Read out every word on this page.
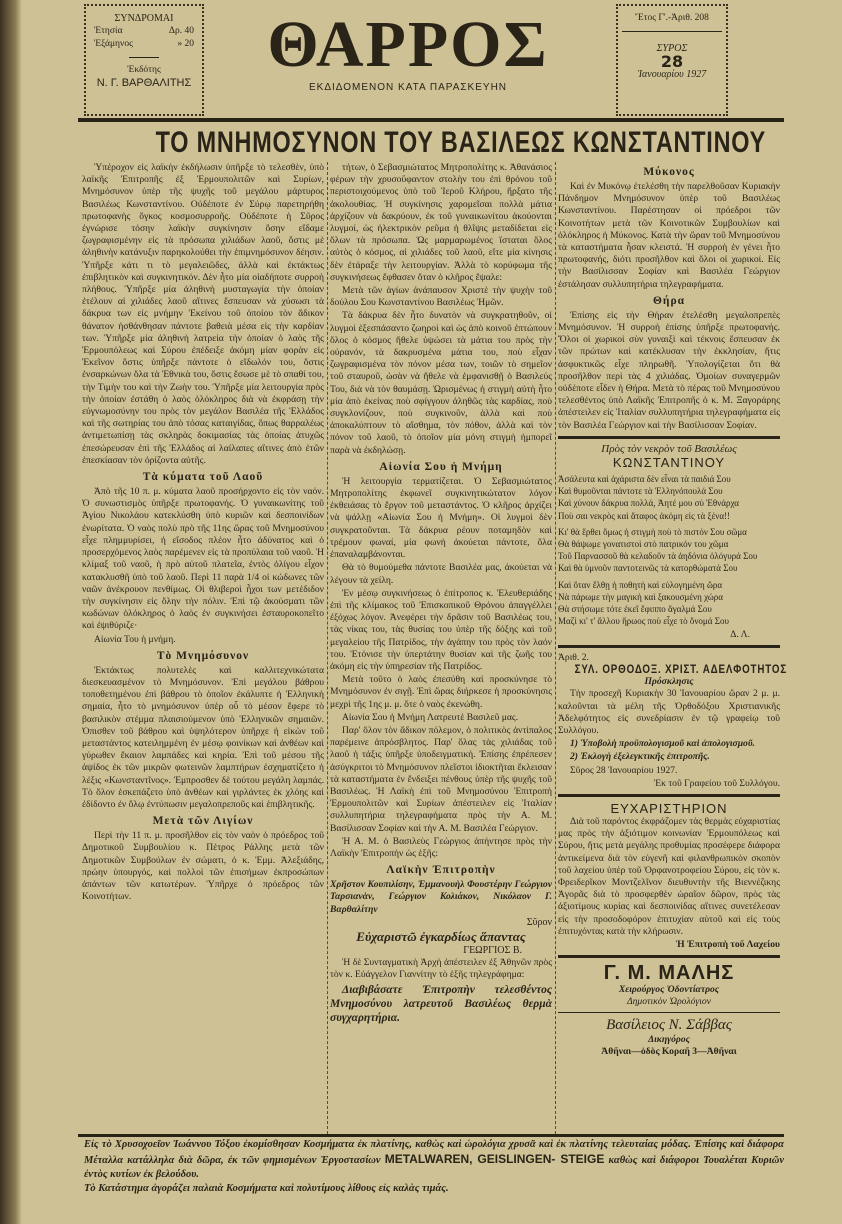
ΣΥΝΔΡΟΜΑΙ
Ἐτησία	Δρ. 40
Ἑξάμηνος	» 20
Ἐκδότης
Ν. Γ. ΒΑΡΘΑΛΙΤΗΣ
ΘΑΡΡΟΣ
ΕΚΔΙΔΟΜΕΝΟΝ ΚΑΤΑ ΠΑΡΑΣΚΕΥΗΝ
Ἔτος Γ'.-Ἀριθ. 208
ΣΥΡΟΣ
28
Ἰανουαρίου 1927
ΤΟ ΜΝΗΜΟΣΥΝΟΝ ΤΟΥ ΒΑΣΙΛΕΩΣ ΚΩΝΣΤΑΝΤΙΝΟΥ

Ὑπέροχον εἰς λαϊκὴν ἐκδήλωσιν ὑπῆρξε τὸ τελεσθὲν, ὑπὸ λαϊκῆς Ἐπιτροπῆς ἐξ Ἑρμουπολιτῶν καὶ Συρίων, Μνημόσυνον ὑπὲρ τῆς ψυχῆς τοῦ μεγάλου μάρτυρος Βασιλέως Κωνσταντίνου. Οὐδέποτε ἐν Σύρῳ παρετηρήθη πρωτοφανὴς ὄγκος κοσμοσυρροῆς. Οὐδέποτε ἡ Σῦρος ἐγνώρισε τόσην λαϊκὴν συγκίνησιν ὅσην εἴδαμε ζωγραφισμένην εἰς τὰ πρόσωπα χιλιάδων λαοῦ, ὅστις μὲ ἀληθινὴν κατάνυξιν παρηκολούθει τὴν ἐπιμνημόσυνον δέησιν. Ὑπῆρξε κάτι τι τὸ μεγαλειῶδες, ἀλλὰ καὶ ἐκτάκτως ἐπιβλητικὸν καὶ συγκινητικόν. Δὲν ἦτο μία οἱαδήποτε συρροὴ πλήθους. Ὑπῆρξε μία ἀληθινὴ μυσταγωγία τὴν ὁποίαν ἐτέλουν αἱ χιλιάδες λαοῦ αἵτινες ἔσπευσαν νὰ χύσωσι τὰ δάκρυα των εἰς μνήμην Ἐκείνου τοῦ ὁποίου τὸν ἄδικον θάνατον ἠσθάνθησαν πάντοτε βαθειὰ μέσα εἰς τὴν καρδίαν των. Ὑπῆρξε μία ἀληθινὴ λατρεία τὴν ὁποίαν ὁ λαὸς τῆς Ἑρμουπόλεως καὶ Σύρου ἐπέδειξε ἀκόμη μίαν φορὰν εἰς Ἐκεῖνον ὅστις ὑπῆρξε πάντοτε ὁ εἴδωλόν του, ὅστις ἐνσαρκώνων ὅλα τὰ Ἐθνικὰ του, ὅστις ἔσωσε μὲ τὸ σπαθί του, τὴν Τιμὴν του καὶ τὴν Ζωὴν του. Ὑπῆρξε μία λειτουργία πρὸς τὴν ὁποίαν ἐστάθη ὁ λαὸς ὁλόκληρος διὰ νὰ ἐκφράσῃ τὴν εὐγνωμοσύνην του πρὸς τὸν μεγάλον Βασιλέα τῆς Ἑλλάδος καὶ τῆς σωτηρίας του ἀπὸ τόσας καταιγίδας, ὅπως θαρραλέως ἀντιμετωπίσῃ τὰς σκληρὰς δοκιμασίας τὰς ὁποίας ἀτυχῶς ἐπεσώρευσαν ἐπὶ τῆς Ἑλλάδος αἱ λαίλαπες αἵτινες ἀπὸ ἐτῶν ἐπεσκίασαν τὸν ὁρίζοντα αὐτῆς.

Τὰ κύματα τοῦ Λαοῦ

Ἀπὸ τῆς 10 π. μ. κύματα λαοῦ προσήρχοντο εἰς τὸν ναόν. Ὁ συνωστισμὸς ὑπῆρξε πρωτοφανής. Ὁ γυναικωνίτης τοῦ Ἁγίου Νικολάου κατεκλύσθη ὑπὸ κυριῶν καὶ δεσποινίδων ἐνωρίτατα. Ὁ ναὸς πολὺ πρὸ τῆς 11ης ὥρας τοῦ Μνημοσύνου εἶχε πλημμυρίσει, ἡ εἴσοδος πλέον ἦτο ἀδύνατος καὶ ὁ προσερχόμενος λαὸς παρέμενεν εἰς τὰ προπύλαια τοῦ ναοῦ. Ἡ κλίμαξ τοῦ ναοῦ, ἡ πρὸ αὐτοῦ πλατεῖα, ἐντὸς ὀλίγου εἶχον κατακλυσθῆ ὑπὸ τοῦ λαοῦ. Περὶ 11 παρὰ 1/4 οἱ κώδωνες τῶν ναῶν ἀνέκρουον πενθίμως. Οἱ θλιβεροὶ ἦχοι των μετέδιδον τὴν συγκίνησιν εἰς ὅλην τὴν πόλιν. Ἐπὶ τῷ ἀκούσματι τῶν κωδώνων ὁλόκληρος ὁ λαὸς ἐν συγκινήσει ἐσταυροκοπεῖτο καὶ ἐψιθύριζε·

Αἰωνία Του ἡ μνήμη.

Τὸ Μνημόσυνον

Ἐκτάκτως πολυτελὲς καὶ καλλιτεχνικώτατα διεσκευασμένον τὸ Μνημόσυνον. Ἐπὶ μεγάλου βάθρου τοποθετημένου ἐπὶ βάθρου τὸ ὁποῖον ἐκάλυπτε ἡ Ἑλληνικὴ σημαία, ἦτο τὸ μνημόσυνον ὑπὲρ οὗ τὸ μέσον ἔφερε τὸ βασιλικὸν στέμμα πλαισιούμενον ὑπὸ Ἑλληνικῶν σημαιῶν. Ὁπισθεν τοῦ βάθρου καὶ ὑψηλότερον ὑπῆρχε ἡ εἰκὼν τοῦ μεταστάντος κατειλημμένη ἐν μέσῳ φοινίκων καὶ ἀνθέων καὶ γύρωθεν ἔκαιον λαμπάδες καὶ κηρία. Ἐπὶ τοῦ μέσου τῆς ἀψίδος ἐκ τῶν μικρῶν φωτεινῶν λαμπτήρων ἐσχηματίζετο ἡ λέξις «Κωνσταντῖνος». Ἐμπροσθεν δὲ τούτου μεγάλη λαμπάς. Τὸ ὅλον ἐσκεπάζετο ὑπὸ ἀνθέων καὶ γιρλάντες ἐκ χλόης καὶ ἐδίδοντο ἐν ὅλῳ ἐντύπωσιν μεγαλοπρεποῦς καὶ ἐπιβλητικῆς.

Μετὰ τῶν Λιγίων

Περὶ τὴν 11 π. μ. προσῆλθον εἰς τὸν ναὸν ὁ πρόεδρος τοῦ Δημοτικοῦ Συμβουλίου κ. Πέτρος Ράλλης μετὰ τῶν Δημοτικῶν Συμβούλων ἐν σώματι, ὁ κ. Ἐμμ. Ἀλεξιάδης, πρώην ὑπουργός, καὶ πολλοὶ τῶν ἐπισήμων ἐκπροσώπων ἀπάντων τῶν κατωτέρων. Ὑπῆρχε ὁ πρόεδρος τῶν Κοινοτήτων.

τήτων, ὁ Σεβασμιώτατος Μητροπολίτης κ. Ἀθανάσιος φέρων τὴν χρυσοΰφαντον στολὴν του ἐπὶ θρόνου τοῦ περιστοιχούμενος ὑπὸ τοῦ Ἱεροῦ Κλήρου, ἤρξατο τῆς ἀκολουθίας. Ἡ συγκίνησις χαρομεῖσαι πολλὰ μάτια ἀρχίζουν νὰ δακρύουν, ἐκ τοῦ γυναικωνίτου ἀκούονται λυγμοί, ὡς ἠλεκτρικὸν ρεῦμα ἡ θλῖψις μεταδίδεται εἰς ὅλων τὰ πρόσωπα. Ὡς μαρμαρωμένος ἵσταται ὅλος αὐτὸς ὁ κόσμος, αἱ χιλιάδες τοῦ λαοῦ, εἴτε μία κίνησις δὲν ἐτάραξε τὴν λειτουργίαν. Ἀλλὰ τὸ κορύφωμα τῆς συγκινήσεως ἔφθασεν ὅταν ὁ κλῆρος ἔψαλε:

Μετὰ τῶν ἁγίων ἀνάπαυσον Χριστὲ τὴν ψυχὴν τοῦ δούλου Σου Κωνσταντίνου Βασιλέως Ἡμῶν.

Τὰ δάκρυα δὲν ἦτο δυνατὸν νὰ συγκρατηθοῦν, οἱ λυγμοὶ ἐξεσπάσαντο ζωηροὶ καὶ ὡς ἀπὸ κοινοῦ ἐπτώπουν ὅλος ὁ κόσμος ἤθελε ὑψώσει τὰ μάτια του πρὸς τὴν οὐρανόν, τὰ δακρυσμένα μάτια του, ποὺ εἶχαν ζωγραφισμένα τὸν πόνον μέσα των, τοιῶν τὸ σημεῖον τοῦ σταυροῦ, ὡσὰν νὰ ἤθελε νὰ ἐμφανισθῇ ὁ Βασιλεύς Του, διὰ νὰ τὸν θαυμάσῃ. Ὡρισμένως ἡ στιγμὴ αὐτὴ ἦτο μία ἀπὸ ἐκείνας ποὺ σφίγγουν ἀληθῶς τὰς καρδίας, ποὺ συγκλονίζουν, ποὺ συγκινοῦν, ἀλλὰ καὶ ποὺ ἀποκαλύπτουν τὸ αἴσθημα, τὸν πόθον, ἀλλὰ καὶ τὸν πόνον τοῦ λαοῦ, τὸ ὁποῖον μία μόνη στιγμὴ ἠμπορεῖ παρὰ νὰ ἐκδηλώσῃ.

Αἰωνία Σου ἡ Μνήμη

Ἡ λειτουργία τερματίζεται. Ὁ Σεβασμιώτατος Μητροπολίτης ἐκφωνεῖ συγκινητικώτατον λόγον ἐκθειάσας τὸ ἔργον τοῦ μεταστάντος. Ὁ κλῆρος ἀρχίζει νὰ ψάλλῃ «Αἰωνία Σου ἡ Μνήμη». Οἱ λυγμοὶ δὲν συγκρατοῦνται. Τὰ δάκρυα ρέουν ποταμηδὸν καὶ τρέμουν φωναί, μία φωνὴ ἀκούεται πάντοτε, ὅλα ἐπαναλαμβάνονται.

Θὰ τὸ θυμούμεθα πάντοτε Βασιλέα μας, ἀκούεται νὰ λέγουν τὰ χείλη.

Ἐν μέσῳ συγκινήσεως ὁ ἐπίτροπος κ. Ἐλευθεριάδης ἐπὶ τῆς κλίμακος τοῦ Ἐπισκοπικοῦ Θρόνου ἀπαγγέλλει ἐξόχως λόγον. Ἀνεφέρει τὴν δρᾶσιν τοῦ Βασιλέως του, τὰς νίκας του, τὰς θυσίας του ὑπὲρ τῆς δόξης καὶ τοῦ μεγαλείου τῆς Πατρίδος, τὴν ἀγάπην του πρὸς τὸν λαόν του. Ἐτόνισε τὴν ὑπερτάτην θυσίαν καὶ τῆς ζωῆς του ἀκόμη εἰς τὴν ὑπηρεσίαν τῆς Πατρίδος.

Μετὰ τοῦτο ὁ λαὸς ἐπεσύθη καὶ προσκύνησε τὸ Μνημόσυνον ἐν σιγῇ. Ἐπὶ ὥρας διήρκεσε ἡ προσκύνησις μεχρὶ τῆς 1ης μ. μ. ὅτε ὁ ναὸς ἐκενώθη.

Αἰωνία Σου ἡ Μνήμη Λατρευτὲ Βασιλεῦ μας.

Παρ' ὅλον τὸν ἄδικον πόλεμον, ὁ πολιτικὸς ἀντίπαλος παρέμεινε ἀπρόσβλητος. Παρ' ὅλας τὰς χιλιάδας τοῦ λαοῦ ἡ τάξις ὑπῆρξε ὑποδειγματική. Ἐπίσης ἐπρέπεσεν ἀσύγκριτοι τὸ Μνημόσυνον πλεῖστοι ἰδιοκτῆται ἔκλεισαν τὰ καταστήματα ἐν ἔνδειξει πένθους ὑπὲρ τῆς ψυχῆς τοῦ Βασιλέως. Ἡ Λαϊκὴ ἐπὶ τοῦ Μνημοσύνου Ἐπιτροπὴ Ἑρμουπολιτῶν καὶ Συρίων ἀπέστειλεν εἰς Ἰταλίαν συλλυπητήρια τηλεγραφήματα πρὸς τὴν Α. Μ. Βασίλισσαν Σοφίαν καὶ τὴν Α. Μ. Βασιλέα Γεώργιον.

Ἡ Α. Μ. ὁ Βασιλεὺς Γεώργιος ἀπήντησε πρὸς τὴν Λαϊκὴν Ἐπιτροπὴν ὡς ἑξῆς:

Λαϊκὴν Ἐπιτροπὴν

Χρῆστον Κουπιλίσην, Ἐμμανουὴλ Φουστέρην Γεώργιον Ταρσιανὰν, Γεώργιον Κολιάκον, Νικόλαον Γ. Βαρθαλίτην

Σῦρον
Εὐχαριστῶ ἐγκαρδίως ἅπαντας
ΓΕΩΡΓΙΟΣ Β.

Ἡ δὲ Συνταγματικὴ Ἀρχὴ ἀπέστειλεν ἐξ Ἀθηνῶν πρὸς τὸν κ. Εὐάγγελον Γιαννίτην τὸ ἑξῆς τηλεγράφημα:

Διαβιβάσατε Ἐπιτροπὴν τελεσθέντος Μνημοσύνου λατρευτοῦ Βασιλέως θερμὰ συγχαρητήρια.

Μύκονος

Καὶ ἐν Μυκόνῳ ἐτελέσθη τὴν παρελθοῦσαν Κυριακὴν Πάνδημον Μνημόσυνον ὑπὲρ τοῦ Βασιλέως Κωνσταντίνου. Παρέστησαν οἱ πρόεδροι τῶν Κοινοτήτων μετὰ τῶν Κοινοτικῶν Συμβουλίων καὶ ὁλόκληρος ἡ Μύκονος. Κατὰ τὴν ὥραν τοῦ Μνημοσύνου τὰ καταστήματα ἦσαν κλειστά. Ἡ συρροὴ ἐν γένει ἦτο πρωτοφανής, διότι προσῆλθον καὶ ὅλοι οἱ χωρικοί. Εἰς τὴν Βασίλισσαν Σοφίαν καὶ Βασιλέα Γεώργιον ἐστάλησαν συλλυπητήρια τηλεγραφήματα.

Θήρα

Ἐπίσης εἰς τὴν Θήραν ἐτελέσθη μεγαλοπρεπὲς Μνημόσυνον. Ἡ συρροὴ ἐπίσης ὑπῆρξε πρωτοφανής. Ὅλοι οἱ χωρικοὶ σὺν γυναιξὶ καὶ τέκνοις ἔσπευσαν ἐκ τῶν πρώτων καὶ κατέκλυσαν τὴν ἐκκλησίαν, ἥτις ἀσφυκτικῶς εἶχε πληρωθῆ. Ὑπολογίζεται ὅτι θὰ προσῆλθον περὶ τὰς 4 χιλιάδας. Ὁμοίων συναγερμῶν οὐδέποτε εἶδεν ἡ Θήρα. Μετὰ τὸ πέρας τοῦ Μνημοσύνου τελεσθέντος ὑπὸ Λαϊκῆς Ἐπιτροπῆς ὁ κ. Μ. Ξαγοράρης ἀπέστειλεν εἰς Ἰταλίαν συλλυπητήρια τηλεγραφήματα εἰς τὸν Βασιλέα Γεώργιον καὶ τὴν Βασίλισσαν Σοφίαν.

Πρὸς τὸν νεκρὸν τοῦ Βασιλέως
ΚΩΝΣΤΑΝΤΙΝΟΥ

Ἀσάλευτα καὶ ἀχάριστα δὲν εἶναι τὰ παιδιά Σου
Καὶ θυμοῦνται πάντοτε τὰ Ἑλληνόπουλά Σου
Καὶ χύνουν δάκρυα πολλά, Ἀητέ μου σὺ Ἐθνάρχα
Ποὺ σαι νεκρὸς καὶ ἄταφος ἀκόμη εἰς τὰ ξένα!!

Κι' θὰ ἔρθει ὅμως ἡ στιγμὴ ποὺ τὸ πιστόν Σου σῶμα
Θὰ θάψωμε γονατιστοὶ στὸ πατρικόν του χῶμα
Τοῦ Παρνασσοῦ θὰ κελαδοῦν τὰ ἀηδόνια ὁλόγυρά Σου
Καὶ θὰ ὑμνοῦν παντοτεινῶς τὰ κατορθώματά Σου

Καὶ ὅταν ἔλθῃ ἡ ποθητὴ καὶ εὐλογημένη ὥρα
Νὰ πάρωμε τὴν μαγικὴ καὶ ξακουσμένη χώρα
Θὰ στήσωμε τότε ἐκεῖ ἔφιππο ἄγαλμά Σου
Μαζὶ κι' τ' ἄλλου ἥρωος ποὺ εἶχε τὸ ὄνομά Σου

Δ. Λ.
Ἀριθ. 2.
ΣΥΛ. ΟΡΘΟΔΟΞ. ΧΡΙΣΤ. ΑΔΕΛΦΟΤΗΤΟΣ
Πρόσκλησις

Τὴν προσεχῆ Κυριακὴν 30 Ἰανουαρίου ὥραν 2 μ. μ. καλοῦνται τὰ μέλη τῆς Ὀρθοδόξου Χριστιανικῆς Ἀδελφότητος εἰς συνεδρίασιν ἐν τῷ γραφείῳ τοῦ Συλλόγου.

1) Ὑποβολὴ προϋπολογισμοῦ καὶ ἀπολογισμοῦ.

2) Ἐκλογὴ ἐξελεγκτικῆς ἐπιτροπῆς.

Σῦρος 28 Ἰανουαρίου 1927.

Ἐκ τοῦ Γραφείου τοῦ Συλλόγου.
ΕΥΧΑΡΙΣΤΗΡΙΟΝ

Διὰ τοῦ παρόντος ἐκφράζομεν τὰς θερμὰς εὐχαριστίας μας πρὸς τὴν ἀξιότιμον κοινωνίαν Ἑρμουπόλεως καὶ Σύρου, ἥτις μετὰ μεγάλης προθυμίας προσέφερε διάφορα ἀντικείμενα διὰ τὸν εὐγενῆ καὶ φιλανθρωπικὸν σκοπὸν τοῦ λαχείου ὑπὲρ τοῦ Ὀρφανοτροφείου Σύρου, εἰς τὸν κ. Φρειδερῖκον Μοντζελῖνον διευθυντὴν τῆς Βιεννέζικης Ἀγορᾶς διὰ τὸ προσφερθὲν ὡραῖον δῶρον, πρὸς τὰς ἀξιοτίμους κυρίας καὶ δεσποινίδας αἵτινες συνετέλεσαν εἰς τὴν προσοδοφόρον ἐπιτυχίαν αὐτοῦ καὶ εἰς τοὺς ἐπιτυχόντας κατὰ τὴν κλήρωσιν.

Ἡ Ἐπιτροπὴ τοῦ Λαχείου
Γ. Μ. ΜΑΛΗΣ
Χειρούργος Ὀδοντίατρος
Δημοτικὸν Ὡρολόγιον
Βασίλειος Ν. Σάββας
Δικηγόρος
Ἀθῆναι—ὁδὸς Κοραῆ 3—Ἀθῆναι
Εἰς τὸ Χρυσοχοεῖον Ἰωάννου Τόξου ἐκομίσθησαν Κοσμήματα ἐκ πλατίνης, καθὼς καὶ ὡρολόγια χρυσᾶ καὶ ἐκ πλατίνης τελευταίας μόδας. Ἐπίσης καὶ διάφορα Μέταλλα κατάλληλα διὰ δῶρα, ἐκ τῶν φημισμένων Ἐργοστασίων METALWAREN, GEISLINGEN- STEIGE καθὼς καὶ διάφοροι Τουαλέται Κυριῶν ἐντὸς κυτίων ἐκ βελούδου.
Τὸ Κατάστημα ἀγοράζει παλαιὰ Κοσμήματα καὶ πολυτίμους λίθους εἰς καλὰς τιμάς.
